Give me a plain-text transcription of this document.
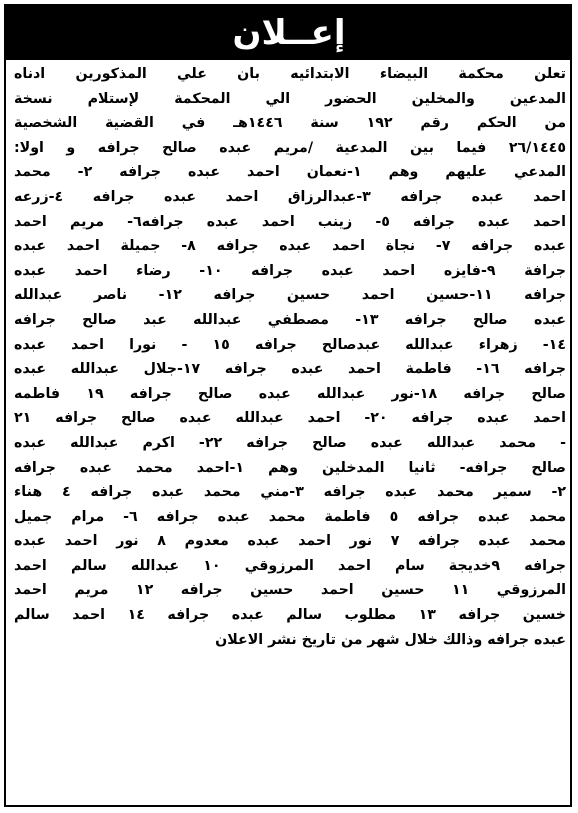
إعــلان
تعلن محكمة البيضاء الابتدائيه بان علي المذكورين ادناه
المدعين والمخلين الحضور الي المحكمة لإستلام نسخة
من الحكم رقم ١٩٢ سنة ١٤٤٦هـ في القضية الشخصية
٢٦/١٤٤٥ فيما بين المدعية /مريم عبده صالح جرافه و اولا:
المدعي عليهم وهم ١-نعمان احمد عبده جرافه ٢- محمد
احمد عبده جرافه ٣-عبدالرزاق احمد عبده جرافه ٤-زرعه
احمد عبده جرافه ٥- زينب احمد عبده جرافه٦- مريم احمد
عبده جرافه ٧- نجاة احمد عبده جرافه ٨- جميلة احمد عبده
جرافة ٩-فايزه احمد عبده جرافه ١٠- رضاء احمد عبده
جرافه ١١-حسين احمد حسين جرافه ١٢- ناصر عبدالله
عبده صالح جرافه ١٣- مصطفي عبدالله عبد صالح جرافه
١٤- زهراء عبدالله عبدصالح جرافه ١٥ - نورا احمد عبده
جرافه ١٦- فاطمة احمد عبده جرافه ١٧-جلال عبدالله عبده
صالح جرافه ١٨-نور عبدالله عبده صالح جرافه ١٩ فاطمه
احمد عبده جرافه ٢٠- احمد عبدالله عبده صالح جرافه ٢١
- محمد عبدالله عبده صالح جرافه ٢٢- اكرم عبدالله عبده
صالح جرافه- ثانيا المدخلين وهم ١-احمد محمد عبده جرافه
٢- سمير محمد عبده جرافه ٣-مني محمد عبده جرافه ٤ هناء
محمد عبده جرافه ٥ فاطمة محمد عبده جرافه ٦- مرام جميل
محمد عبده جرافه ٧ نور احمد عبده معدوم ٨ نور احمد عبده
جرافه ٩خديجة سام احمد المرزوقي ١٠ عبدالله سالم احمد
المرزوقي ١١ حسين احمد حسين جرافه ١٢ مريم احمد
خسين جرافه ١٣ مطلوب سالم عبده جرافه ١٤ احمد سالم
عبده جرافه وذالك خلال شهر من تاريخ نشر الاعلان
